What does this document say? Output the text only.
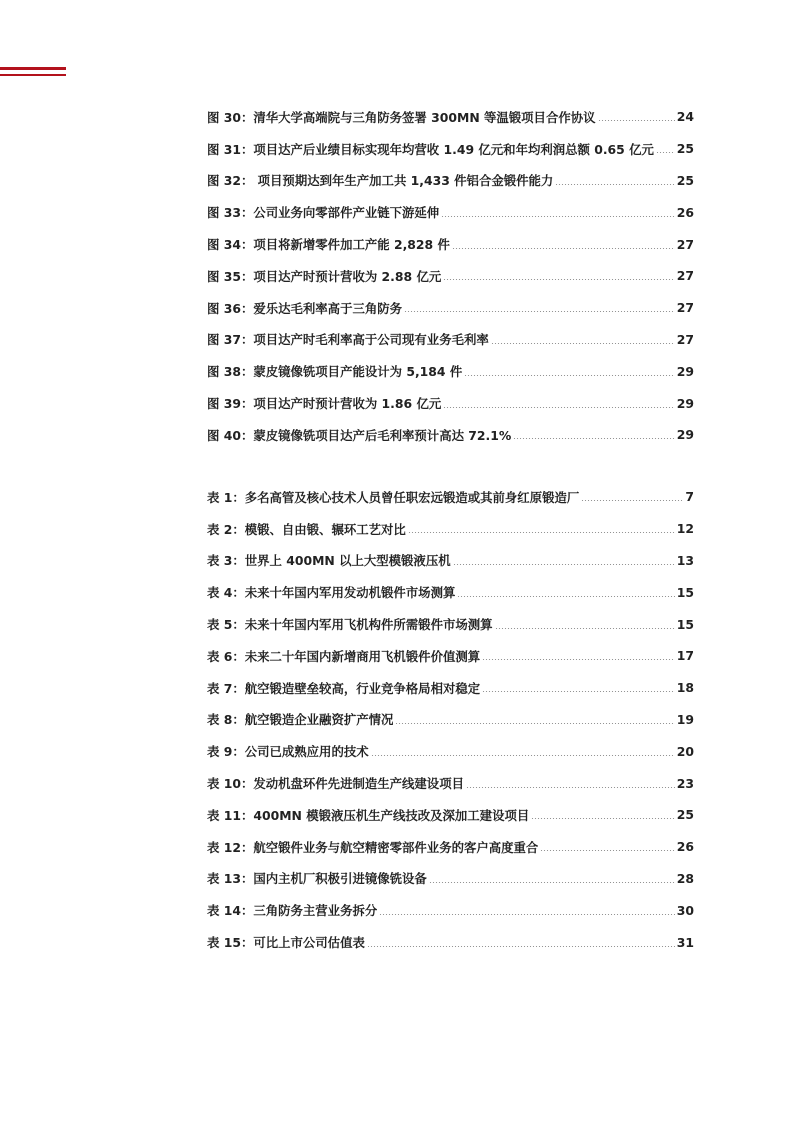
图 30：清华大学高端院与三角防务签署 300MN 等温锻项目合作协议	24
图 31：项目达产后业绩目标实现年均营收 1.49 亿元和年均利润总额 0.65 亿元 25
图 32： 项目预期达到年生产加工共 1,433 件铝合金锻件能力	25
图 33：公司业务向零部件产业链下游延伸	26
图 34：项目将新增零件加工产能 2,828 件	27
图 35：项目达产时预计营收为 2.88 亿元	27
图 36：爱乐达毛利率高于三角防务	27
图 37：项目达产时毛利率高于公司现有业务毛利率	27
图 38：蒙皮镜像铣项目产能设计为 5,184 件	29
图 39：项目达产时预计营收为 1.86 亿元	29
图 40：蒙皮镜像铣项目达产后毛利率预计高达 72.1%	29
表 1：多名高管及核心技术人员曾任职宏远锻造或其前身红原锻造厂	7
表 2：模锻、自由锻、辗环工艺对比	12
表 3：世界上 400MN 以上大型模锻液压机	13
表 4：未来十年国内军用发动机锻件市场测算	15
表 5：未来十年国内军用飞机构件所需锻件市场测算	15
表 6：未来二十年国内新增商用飞机锻件价值测算	17
表 7：航空锻造壁垒较高，行业竞争格局相对稳定	18
表 8：航空锻造企业融资扩产情况	19
表 9：公司已成熟应用的技术	20
表 10：发动机盘环件先进制造生产线建设项目	23
表 11：400MN 模锻液压机生产线技改及深加工建设项目	25
表 12：航空锻件业务与航空精密零部件业务的客户高度重合	26
表 13：国内主机厂积极引进镜像铣设备	28
表 14：三角防务主营业务拆分	30
表 15：可比上市公司估值表	31
